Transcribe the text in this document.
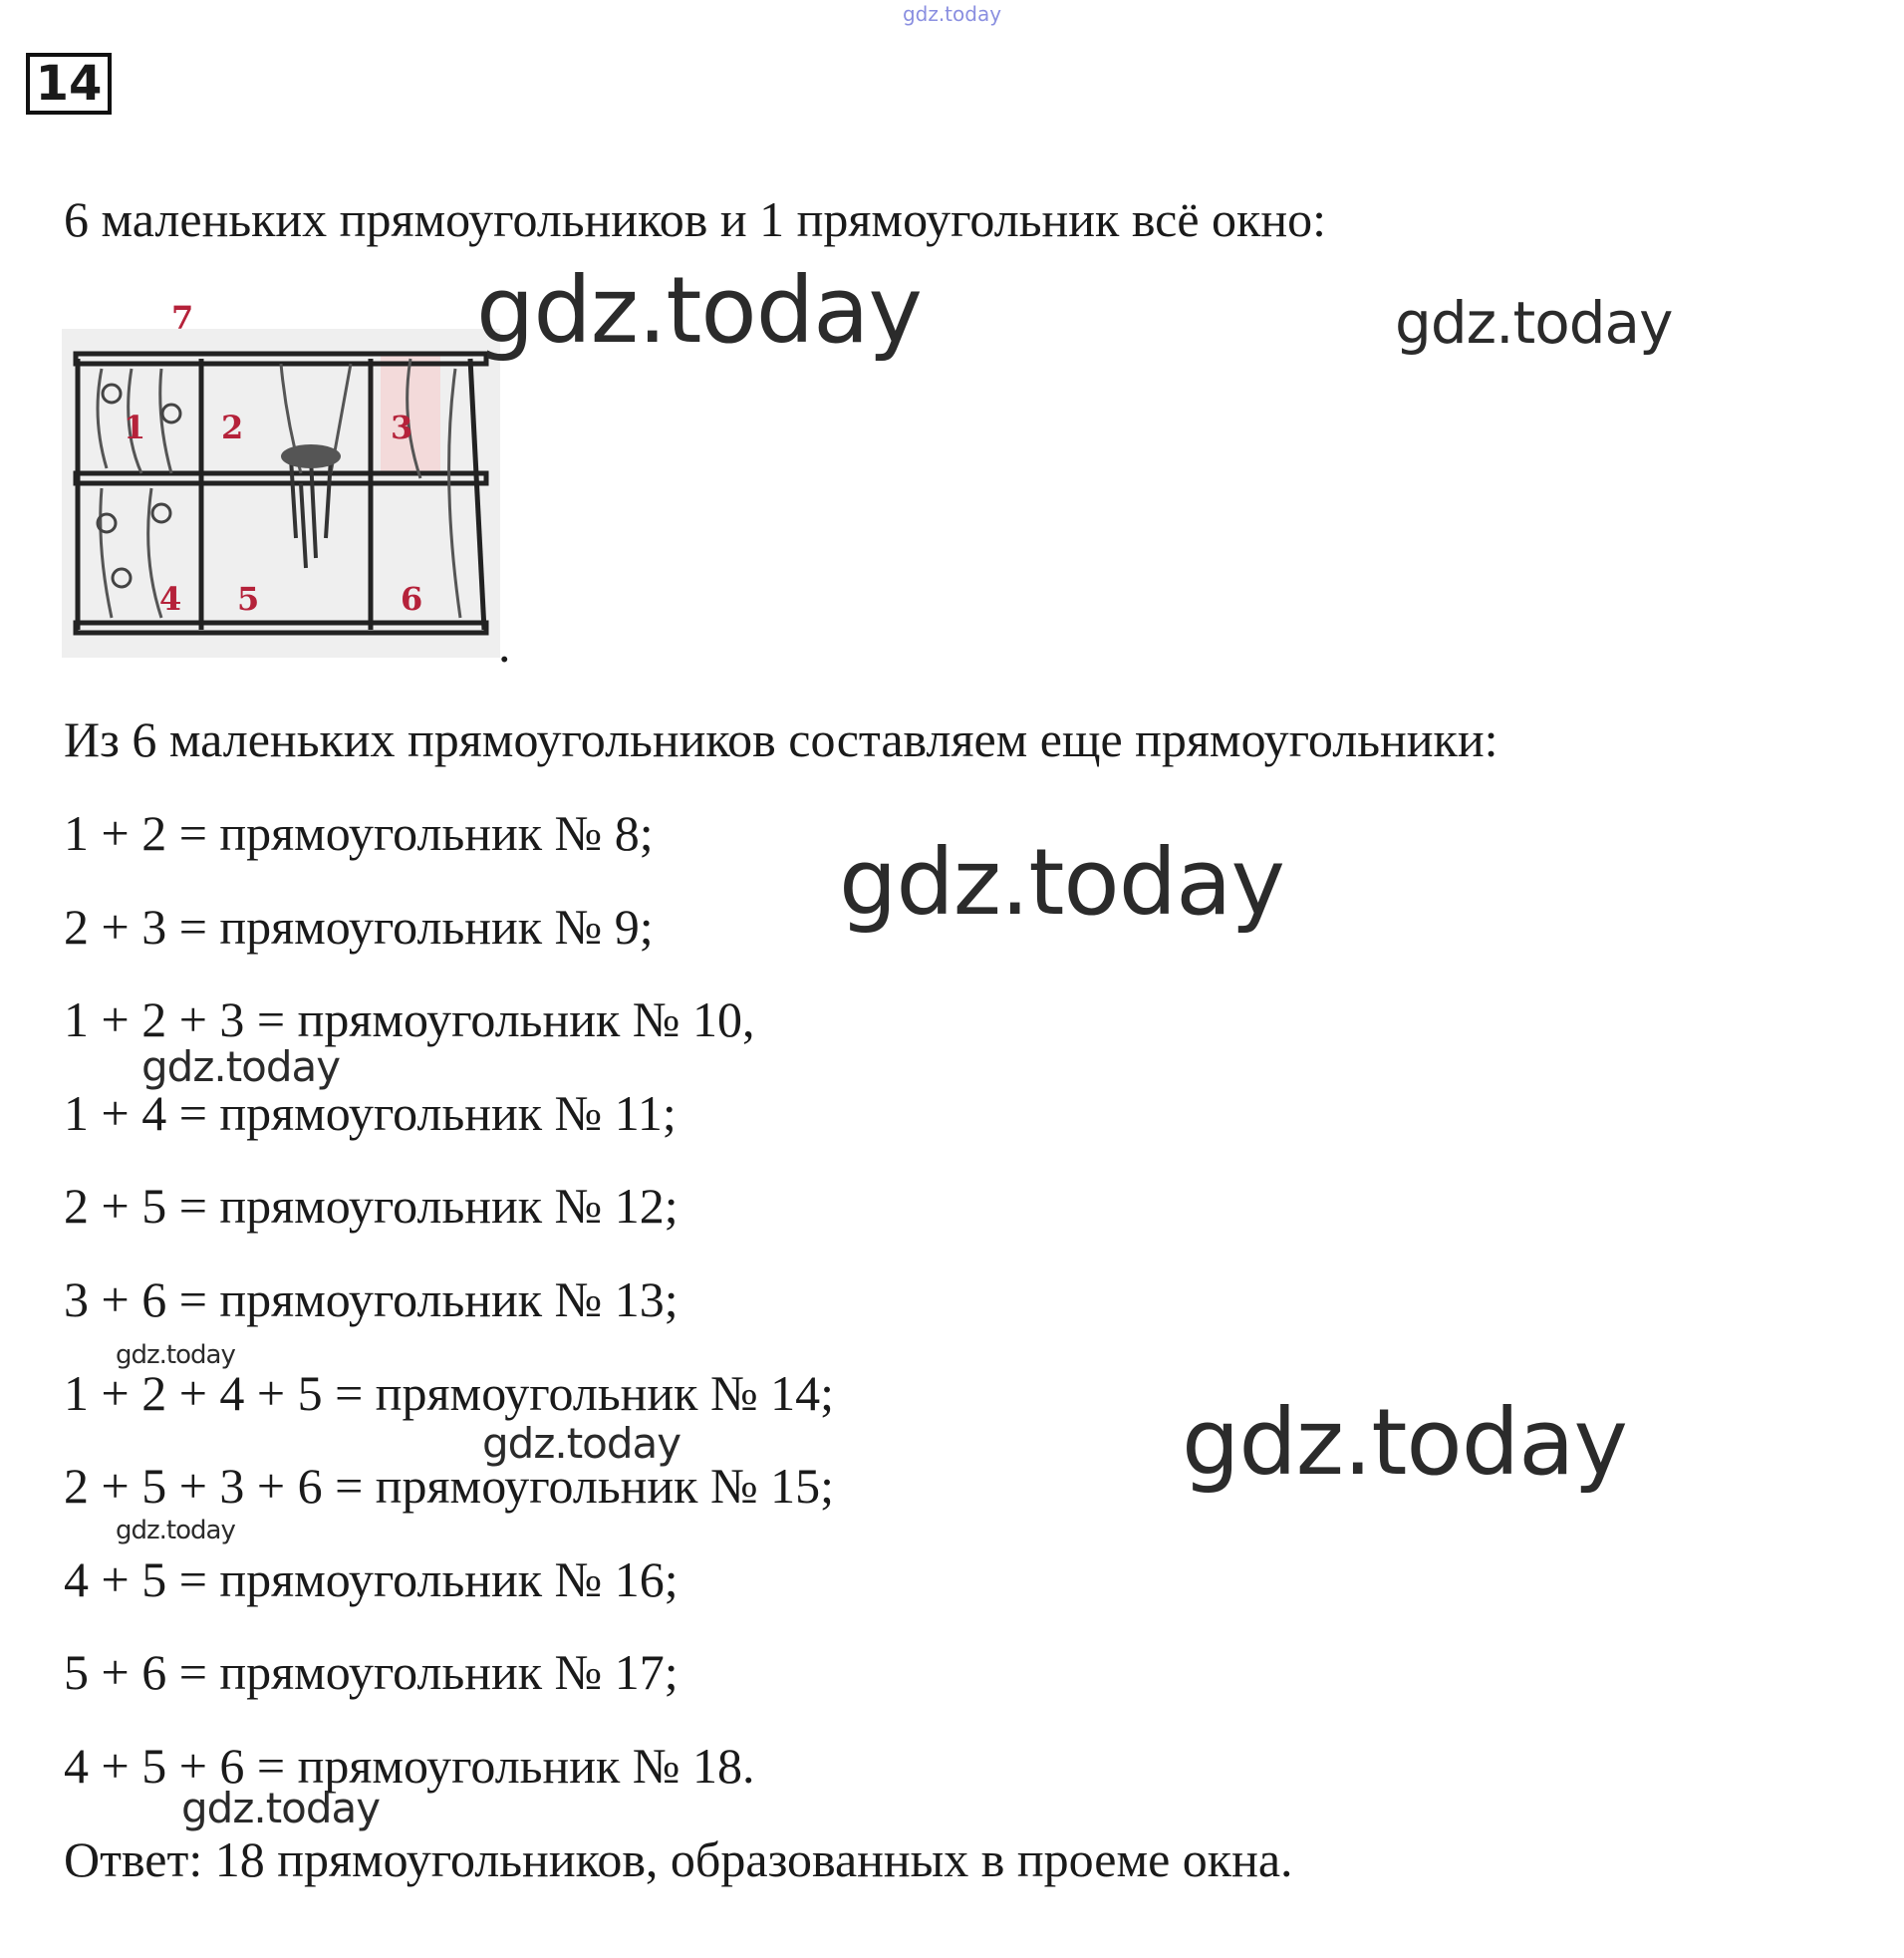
gdz.today
14
6 маленьких прямоугольников и 1 прямоугольник всё окно:
7
1 2	3
4 5	6
.
Из 6 маленьких прямоугольников составляем еще прямоугольники:
1 + 2 = прямоугольник № 8;
2 + 3 = прямоугольник № 9;
1 + 2 + 3 = прямоугольник № 10,
1 + 4 = прямоугольник № 11;
2 + 5 = прямоугольник № 12;
3 + 6 = прямоугольник № 13;
1 + 2 + 4 + 5 = прямоугольник № 14;
2 + 5 + 3 + 6 = прямоугольник № 15;
4 + 5 = прямоугольник № 16;
5 + 6 = прямоугольник № 17;
4 + 5 + 6 = прямоугольник № 18.
Ответ: 18 прямоугольников, образованных в проеме окна.
gdz.today	gdz.today
gdz.today
gdz.today
gdz.today
gdz.today	gdz.today
gdz.today
gdz.today
